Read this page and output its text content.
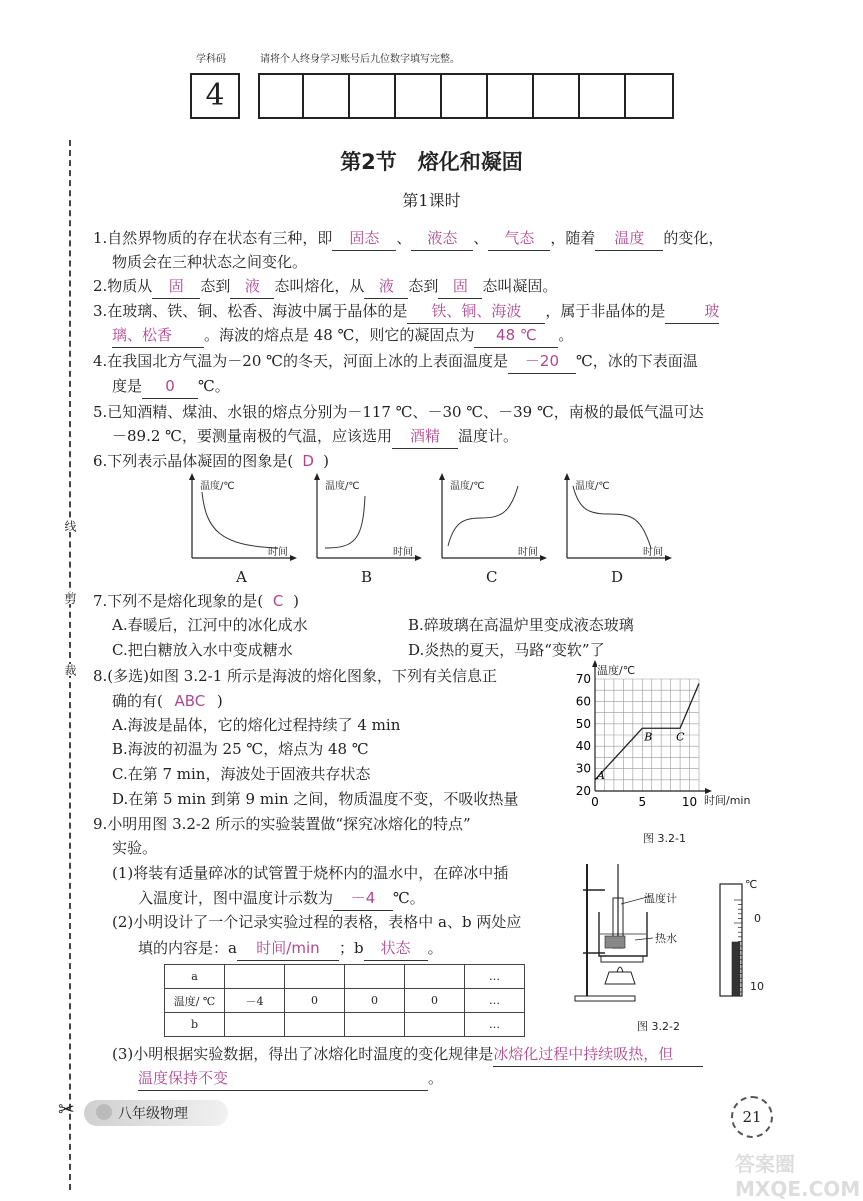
学科码	请将个人终身学习账号后九位数字填写完整。
4
线
剪
裁
✂
第2节　熔化和凝固
第1课时
1.自然界物质的存在状态有三种，即 固态 、 液态 、 气态 ，随着 温度 的变化，
物质会在三种状态之间变化。
2.物质从 固 态到 液 态叫熔化，从 液 态到 固 态叫凝固。
3.在玻璃、铁、铜、松香、海波中属于晶体的是 铁、铜、海波 ，属于非晶体的是	玻
璃、松香 。海波的熔点是 48 ℃，则它的凝固点为 48 ℃ 。
4.在我国北方气温为－20 ℃的冬天，河面上冰的上表面温度是 －20 ℃，冰的下表面温
度是 0 ℃。
5.已知酒精、煤油、水银的熔点分别为－117 ℃、－30 ℃、－39 ℃，南极的最低气温可达
－89.2 ℃，要测量南极的气温，应该选用 酒精 温度计。
6.下列表示晶体凝固的图象是( D )
温度/℃
时间
温度/℃
时间
温度/℃
时间
温度/℃
时间
A	B	C	D
7.下列不是熔化现象的是( C )
A.春暖后，江河中的冰化成水	B.碎玻璃在高温炉里变成液态玻璃
C.把白糖放入水中变成糖水	D.炎热的夏天，马路“变软”了
8.(多选)如图 3.2-1 所示是海波的熔化图象，下列有关信息正
确的有( ABC )
A.海波是晶体，它的熔化过程持续了 4 min
B.海波的初温为 25 ℃，熔点为 48 ℃
C.在第 7 min，海波处于固液共存状态
D.在第 5 min 到第 9 min 之间，物质温度不变，不吸收热量
70
60
50
40
30
20
0	5	10
A
B C
温度/℃
时间/min
图 3.2-1
9.小明用图 3.2-2 所示的实验装置做“探究冰熔化的特点”
实验。
(1)将装有适量碎冰的试管置于烧杯内的温水中，在碎冰中插
入温度计，图中温度计示数为 －4 ℃。
(2)小明设计了一个记录实验过程的表格，表格中 a、b 两处应
填的内容是：a 时间/min ；b 状态 。
a					…
温度/ ℃	－4	0	0	0	…
b					…
(3)小明根据实验数据，得出了冰熔化时温度的变化规律是冰熔化过程中持续吸热，但
温度保持不变	。
温度计
热水
℃
0
10
图 3.2-2
八年级物理	21
答案圈 MXQE.COM
